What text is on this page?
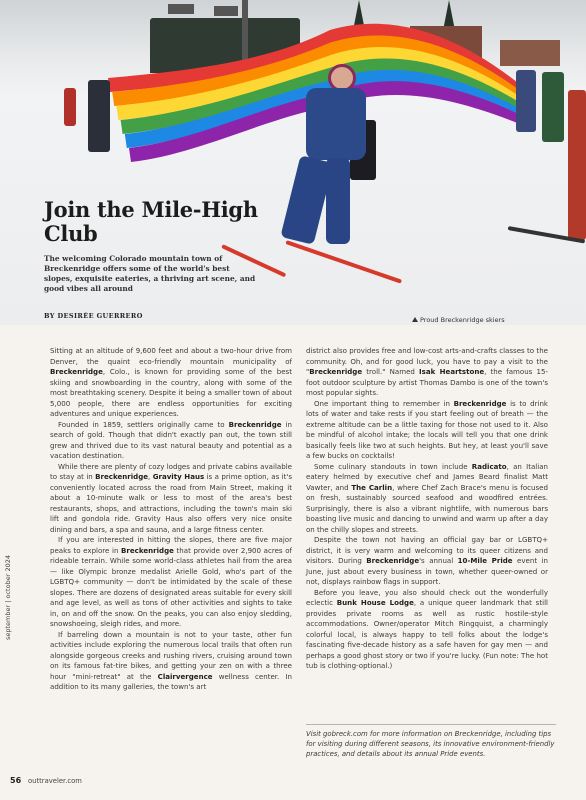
Proud Breckenridge skiers
Join the Mile-High Club

The welcoming Colorado mountain town of Breckenridge offers some of the world's best slopes, exquisite eateries, a thriving art scene, and good vibes all around

BY DESIRÉE GUERRERO

Sitting at an altitude of 9,600 feet and about a two-hour drive from Denver, the quaint eco-friendly mountain municipality of Breckenridge, Colo., is known for providing some of the best skiing and snowboarding in the country, along with some of the most breathtaking scenery. Despite it being a smaller town of about 5,000 people, there are endless opportunities for exciting adventures and unique experiences.

Founded in 1859, settlers originally came to Breckenridge in search of gold. Though that didn't exactly pan out, the town still grew and thrived due to its vast natural beauty and potential as a vacation destination.

While there are plenty of cozy lodges and private cabins available to stay at in Breckenridge, Gravity Haus is a prime option, as it's conveniently located across the road from Main Street, making it about a 10-minute walk or less to most of the area's best restaurants, shops, and attractions, including the town's main ski lift and gondola ride. Gravity Haus also offers very nice onsite dining and bars, a spa and sauna, and a large fitness center.

If you are interested in hitting the slopes, there are five major peaks to explore in Breckenridge that provide over 2,900 acres of rideable terrain. While some world-class athletes hail from the area — like Olympic bronze medalist Arielle Gold, who's part of the LGBTQ+ community — don't be intimidated by the scale of these slopes. There are dozens of designated areas suitable for every skill and age level, as well as tons of other activities and sights to take in, on and off the snow. On the peaks, you can also enjoy sledding, snowshoeing, sleigh rides, and more.

If barreling down a mountain is not to your taste, other fun activities include exploring the numerous local trails that often run alongside gorgeous creeks and rushing rivers, cruising around town on its famous fat-tire bikes, and getting your zen on with a three hour "mini-retreat" at the Clairvergence wellness center. In addition to its many galleries, the town's art

district also provides free and low-cost arts-and-crafts classes to the community. Oh, and for good luck, you have to pay a visit to the "Breckenridge troll." Named Isak Heartstone, the famous 15-foot outdoor sculpture by artist Thomas Dambo is one of the town's most popular sights.

One important thing to remember in Breckenridge is to drink lots of water and take rests if you start feeling out of breath — the extreme altitude can be a little taxing for those not used to it. Also be mindful of alcohol intake; the locals will tell you that one drink basically feels like two at such heights. But hey, at least you'll save a few bucks on cocktails!

Some culinary standouts in town include Radicato, an Italian eatery helmed by executive chef and James Beard finalist Matt Vawter, and The Carlin, where Chef Zach Brace's menu is focused on fresh, sustainably sourced seafood and woodfired entrées. Surprisingly, there is also a vibrant nightlife, with numerous bars boasting live music and dancing to unwind and warm up after a day on the chilly slopes and streets.

Despite the town not having an official gay bar or LGBTQ+ district, it is very warm and welcoming to its queer citizens and visitors. During Breckenridge's annual 10-Mile Pride event in June, just about every business in town, whether queer-owned or not, displays rainbow flags in support.

Before you leave, you also should check out the wonderfully eclectic Bunk House Lodge, a unique queer landmark that still provides private rooms as well as rustic hostile-style accommodations. Owner/operator Mitch Ringquist, a charmingly colorful local, is always happy to tell folks about the lodge's fascinating five-decade history as a safe haven for gay men — and perhaps a good ghost story or two if you're lucky. (Fun note: The hot tub is clothing-optional.)

Visit gobreck.com for more information on Breckenridge, including tips for visiting during different seasons, its innovative environment-friendly practices, and details about its annual Pride events.
september | october 2024
56 outtraveler.com
